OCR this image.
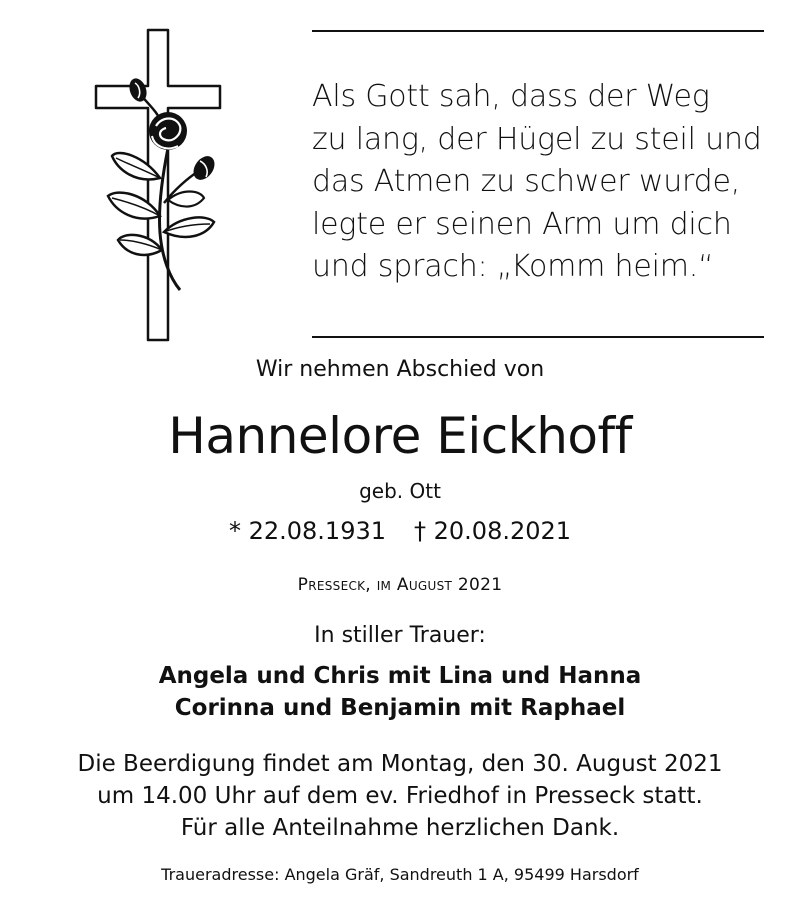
Als Gott sah, dass der Weg
zu lang, der Hügel zu steil und
das Atmen zu schwer wurde,
legte er seinen Arm um dich
und sprach: „Komm heim.“
Wir nehmen Abschied von
Hannelore Eickhoff
geb. Ott
* 22.08.1931 † 20.08.2021
Presseck, im August 2021
In stiller Trauer:
Angela und Chris mit Lina und Hanna
Corinna und Benjamin mit Raphael
Die Beerdigung findet am Montag, den 30. August 2021
um 14.00 Uhr auf dem ev. Friedhof in Presseck statt.
Für alle Anteilnahme herzlichen Dank.
Traueradresse: Angela Gräf, Sandreuth 1 A, 95499 Harsdorf
